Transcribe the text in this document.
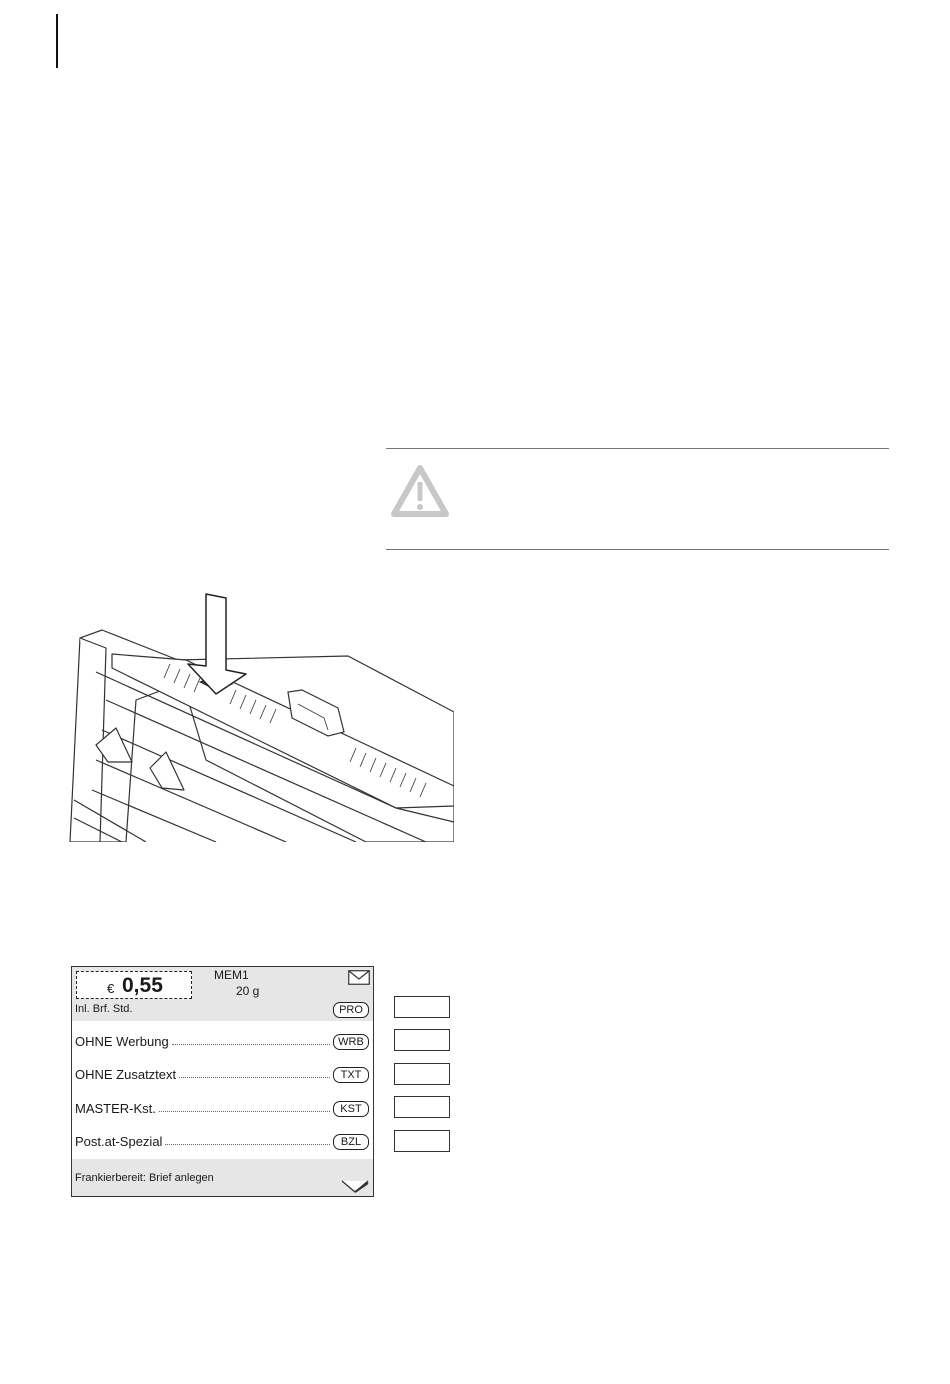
€ 0,55	MEM1
20 g
Inl. Brf. Std.	PRO
OHNE Werbung	WRB
OHNE Zusatztext	TXT
MASTER-Kst.	KST
Post.at-Spezial	BZL
Frankierbereit: Brief anlegen
